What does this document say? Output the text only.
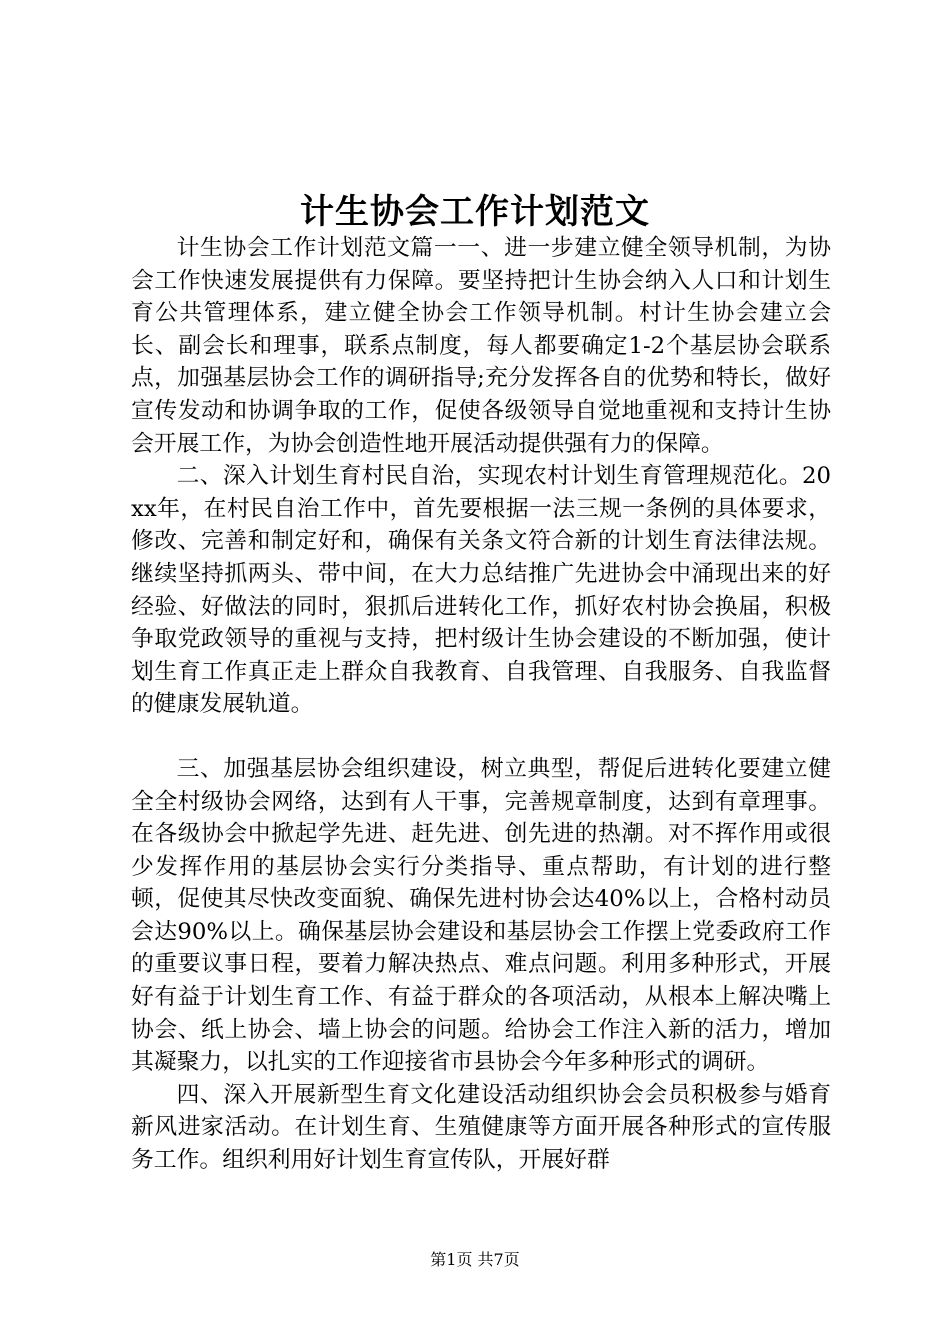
计生协会工作计划范文

计生协会工作计划范文篇一一、进一步建立健全领导机制，为协会工作快速发展提供有力保障。要坚持把计生协会纳入人口和计划生育公共管理体系，建立健全协会工作领导机制。村计生协会建立会长、副会长和理事，联系点制度，每人都要确定1-2个基层协会联系点，加强基层协会工作的调研指导;充分发挥各自的优势和特长，做好宣传发动和协调争取的工作，促使各级领导自觉地重视和支持计生协会开展工作，为协会创造性地开展活动提供强有力的保障。

二、深入计划生育村民自治，实现农村计划生育管理规范化。20xx年，在村民自治工作中，首先要根据一法三规一条例的具体要求，修改、完善和制定好和，确保有关条文符合新的计划生育法律法规。继续坚持抓两头、带中间，在大力总结推广先进协会中涌现出来的好经验、好做法的同时，狠抓后进转化工作，抓好农村协会换届，积极争取党政领导的重视与支持，把村级计生协会建设的不断加强，使计划生育工作真正走上群众自我教育、自我管理、自我服务、自我监督的健康发展轨道。

三、加强基层协会组织建设，树立典型，帮促后进转化要建立健全全村级协会网络，达到有人干事，完善规章制度，达到有章理事。在各级协会中掀起学先进、赶先进、创先进的热潮。对不挥作用或很少发挥作用的基层协会实行分类指导、重点帮助，有计划的进行整顿，促使其尽快改变面貌、确保先进村协会达40%以上，合格村动员会达90%以上。确保基层协会建设和基层协会工作摆上党委政府工作的重要议事日程，要着力解决热点、难点问题。利用多种形式，开展好有益于计划生育工作、有益于群众的各项活动，从根本上解决嘴上协会、纸上协会、墙上协会的问题。给协会工作注入新的活力，增加其凝聚力，以扎实的工作迎接省市县协会今年多种形式的调研。

四、深入开展新型生育文化建设活动组织协会会员积极参与婚育新风进家活动。在计划生育、生殖健康等方面开展各种形式的宣传服务工作。组织利用好计划生育宣传队，开展好群

第1页 共7页
